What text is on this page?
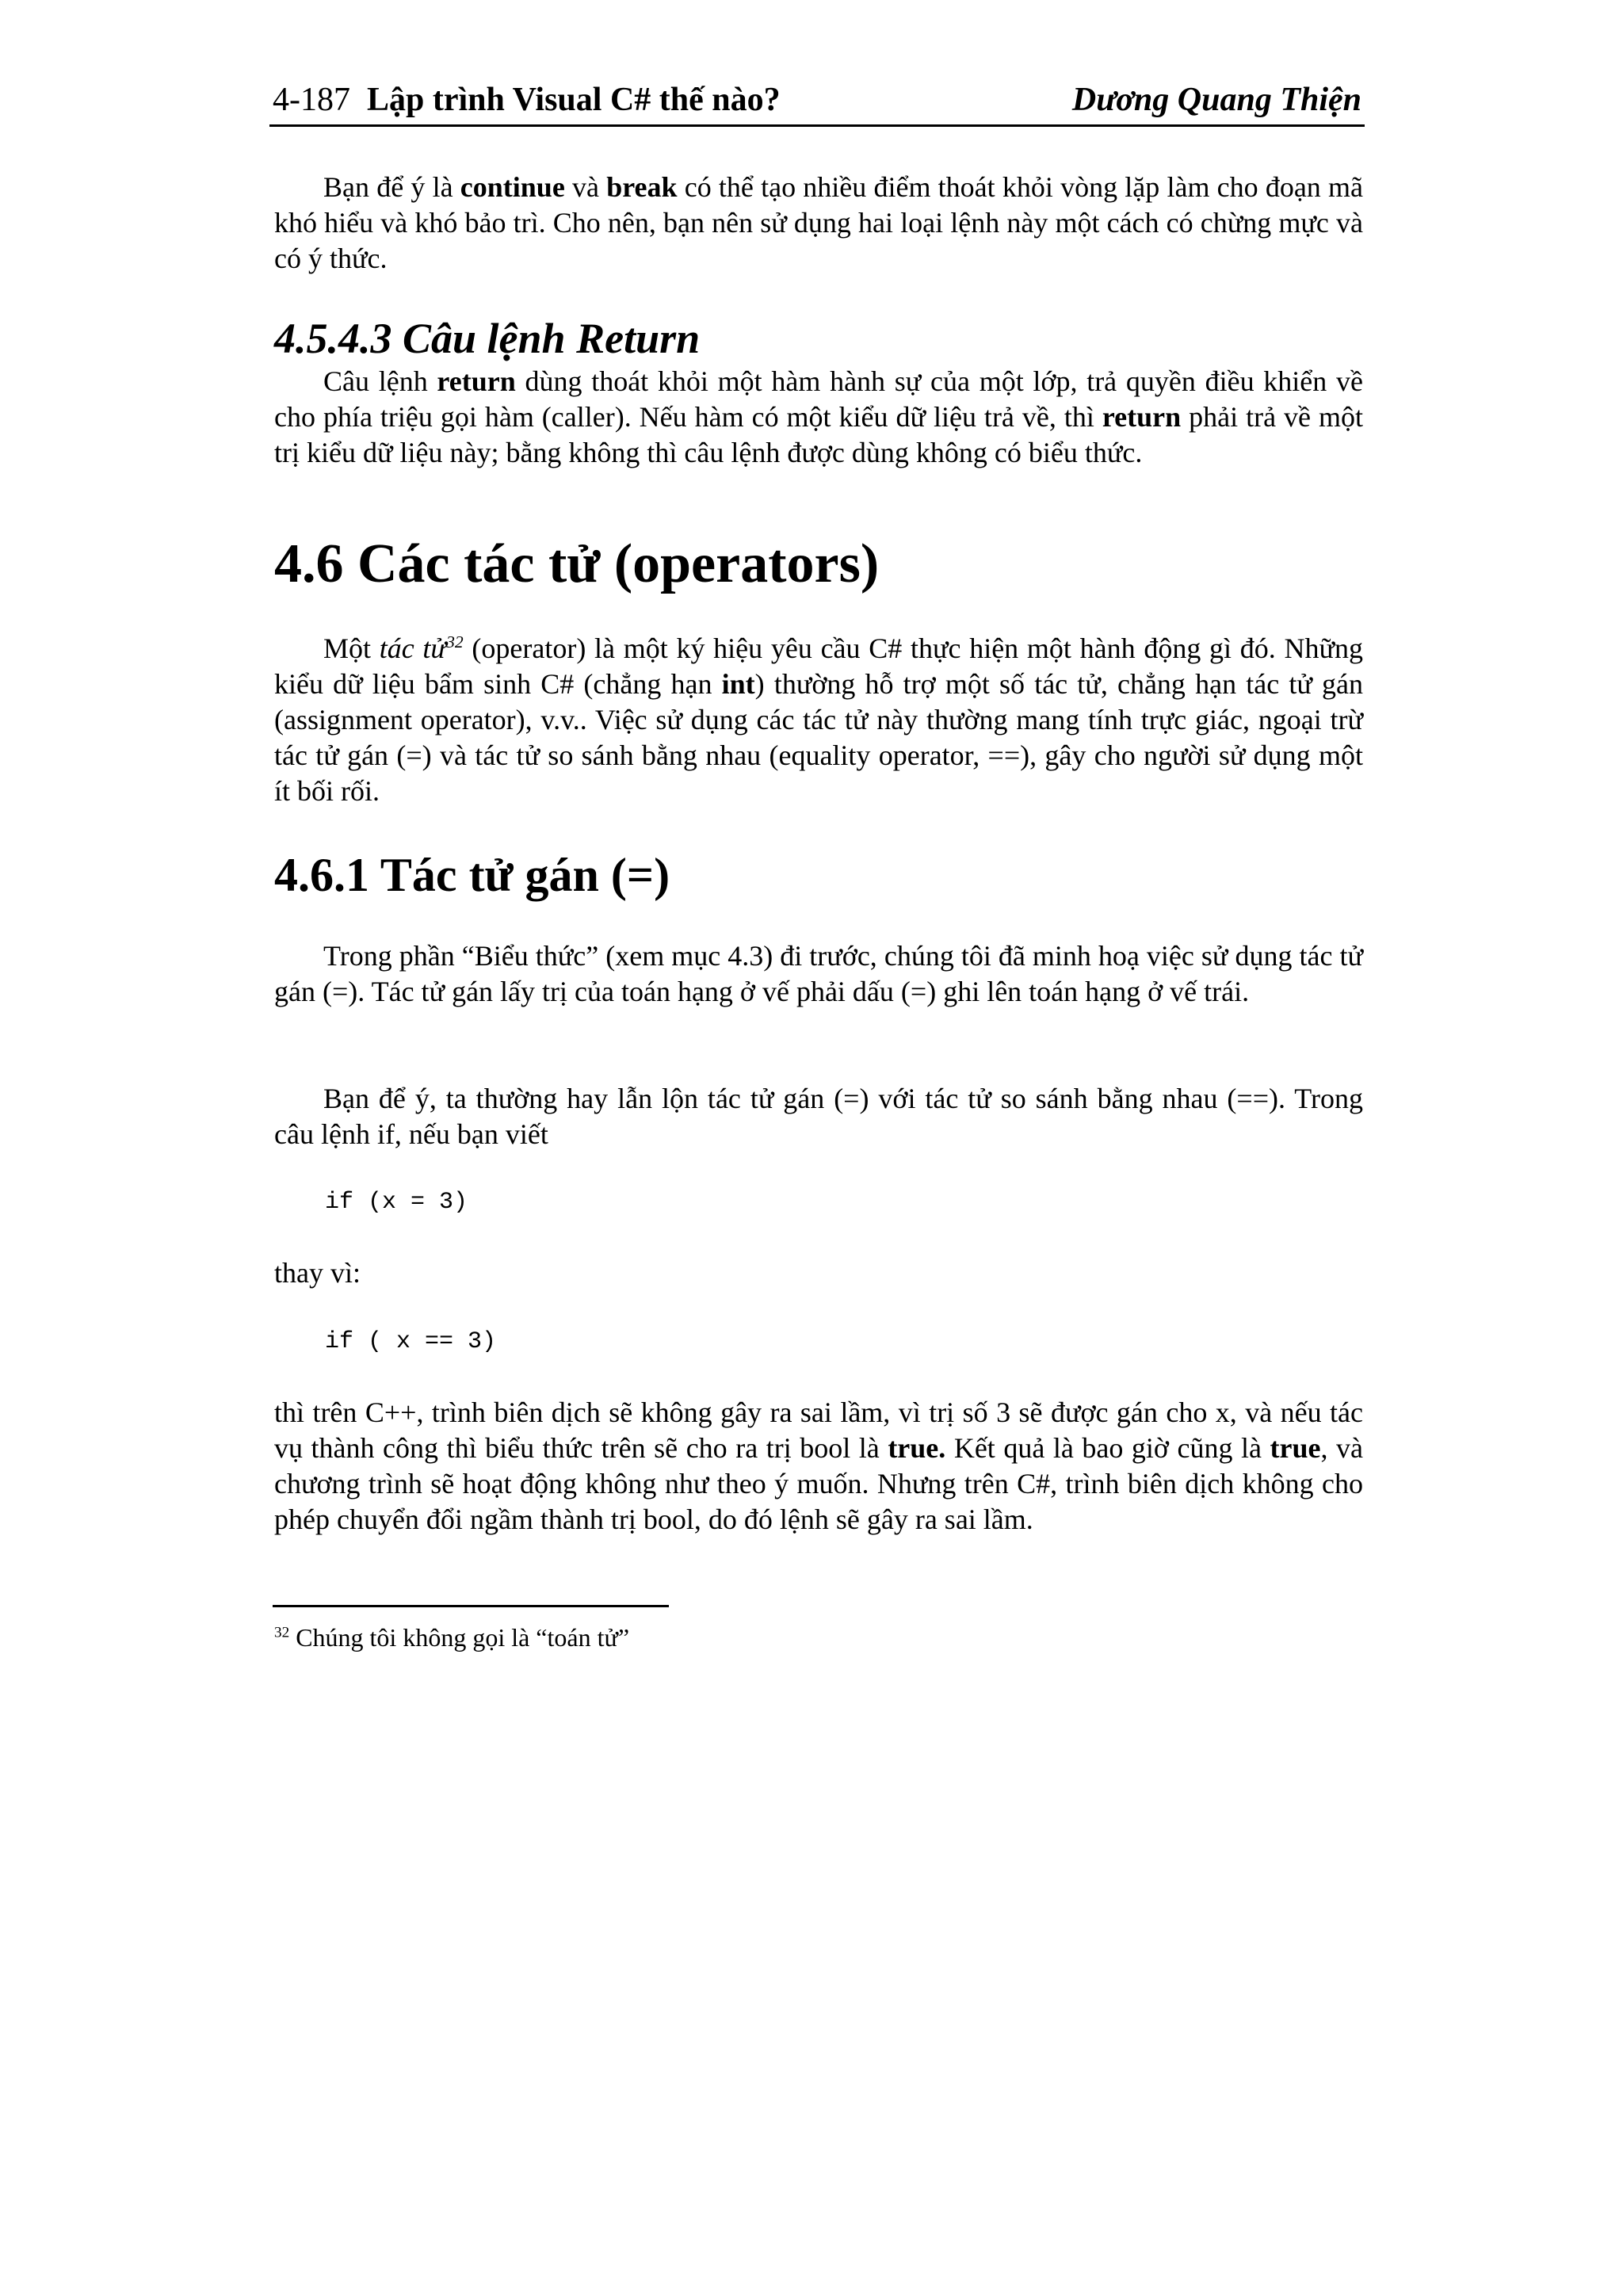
4-187 Lập trình Visual C# thế nào?	Dương Quang Thiện

Bạn để ý là continue và break có thể tạo nhiều điểm thoát khỏi vòng lặp làm cho đoạn mã khó hiểu và khó bảo trì. Cho nên, bạn nên sử dụng hai loại lệnh này một cách có chừng mực và có ý thức.

4.5.4.3 Câu lệnh Return

Câu lệnh return dùng thoát khỏi một hàm hành sự của một lớp, trả quyền điều khiển về cho phía triệu gọi hàm (caller). Nếu hàm có một kiểu dữ liệu trả về, thì return phải trả về một trị kiểu dữ liệu này; bằng không thì câu lệnh được dùng không có biểu thức.

4.6 Các tác tử (operators)

Một tác tử$^{32}$ (operator) là một ký hiệu yêu cầu C# thực hiện một hành động gì đó. Những kiểu dữ liệu bẩm sinh C# (chẳng hạn int) thường hỗ trợ một số tác tử, chẳng hạn tác tử gán (assignment operator), v.v.. Việc sử dụng các tác tử này thường mang tính trực giác, ngoại trừ tác tử gán (=) và tác tử so sánh bằng nhau (equality operator, ==), gây cho người sử dụng một ít bối rối.

4.6.1 Tác tử gán (=)

Trong phần “Biểu thức” (xem mục 4.3) đi trước, chúng tôi đã minh hoạ việc sử dụng tác tử gán (=). Tác tử gán lấy trị của toán hạng ở vế phải dấu (=) ghi lên toán hạng ở vế trái.

Bạn để ý, ta thường hay lẫn lộn tác tử gán (=) với tác tử so sánh bằng nhau (==). Trong câu lệnh if, nếu bạn viết

if (x = 3)
thay vì:
if ( x == 3)

thì trên C++, trình biên dịch sẽ không gây ra sai lầm, vì trị số 3 sẽ được gán cho x, và nếu tác vụ thành công thì biểu thức trên sẽ cho ra trị bool là true. Kết quả là bao giờ cũng là true, và chương trình sẽ hoạt động không như theo ý muốn. Nhưng trên C#, trình biên dịch không cho phép chuyển đổi ngầm thành trị bool, do đó lệnh sẽ gây ra sai lầm.

$^{32}$ Chúng tôi không gọi là “toán tử”
